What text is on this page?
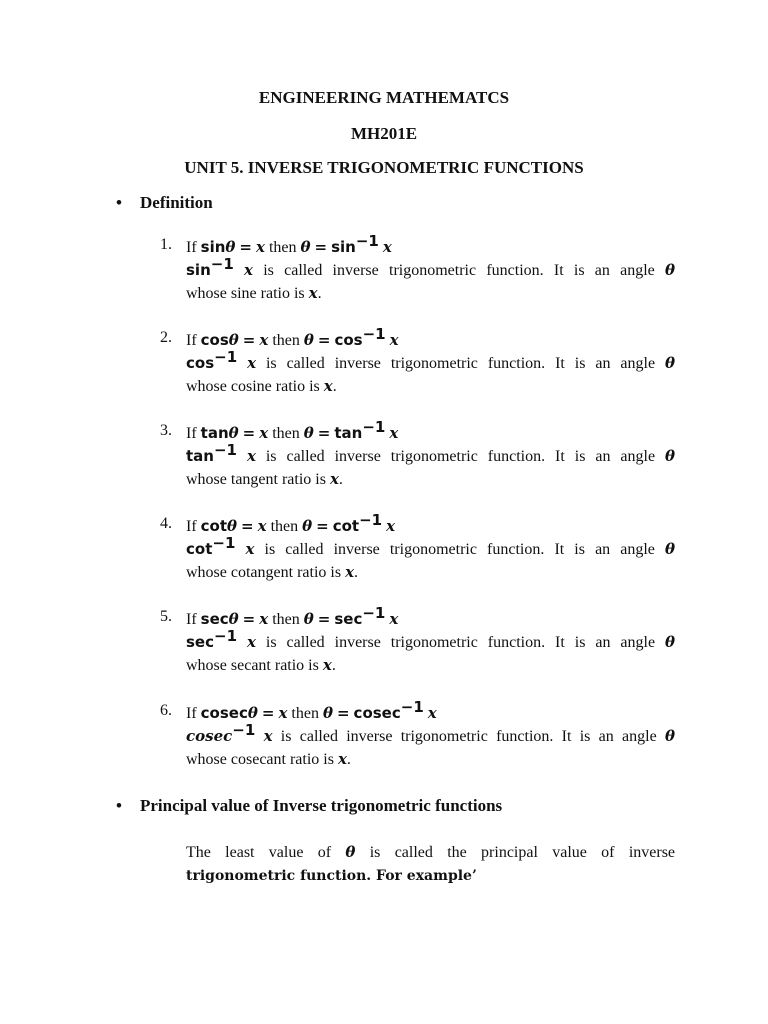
ENGINEERING MATHEMATCS
MH201E
UNIT 5. INVERSE TRIGONOMETRIC FUNCTIONS
• Definition
1. If sinθ = x then $\theta = \sin^{-1} x$
$\sin^{-1} x$ is called inverse trigonometric function. It is an angle θ
whose sine ratio is x.
2. If cosθ = x then $\theta = \cos^{-1} x$
$\cos^{-1} x$ is called inverse trigonometric function. It is an angle θ
whose cosine ratio is x.
3. If tanθ = x then $\theta = \tan^{-1} x$
$\tan^{-1} x$ is called inverse trigonometric function. It is an angle θ
whose tangent ratio is x.
4. If cotθ = x then $\theta = \cot^{-1} x$
$\cot^{-1} x$ is called inverse trigonometric function. It is an angle θ
whose cotangent ratio is x.
5. If secθ = x then $\theta = \sec^{-1} x$
$\sec^{-1} x$ is called inverse trigonometric function. It is an angle θ
whose secant ratio is x.
6. If cosecθ = x then θ = cosec$^{-1}$ x
cosec$^{-1}$ x is called inverse trigonometric function. It is an angle θ
whose cosecant ratio is x.
• Principal value of Inverse trigonometric functions
The least value of θ is called the principal value of inverse
trigonometric function. For example’
